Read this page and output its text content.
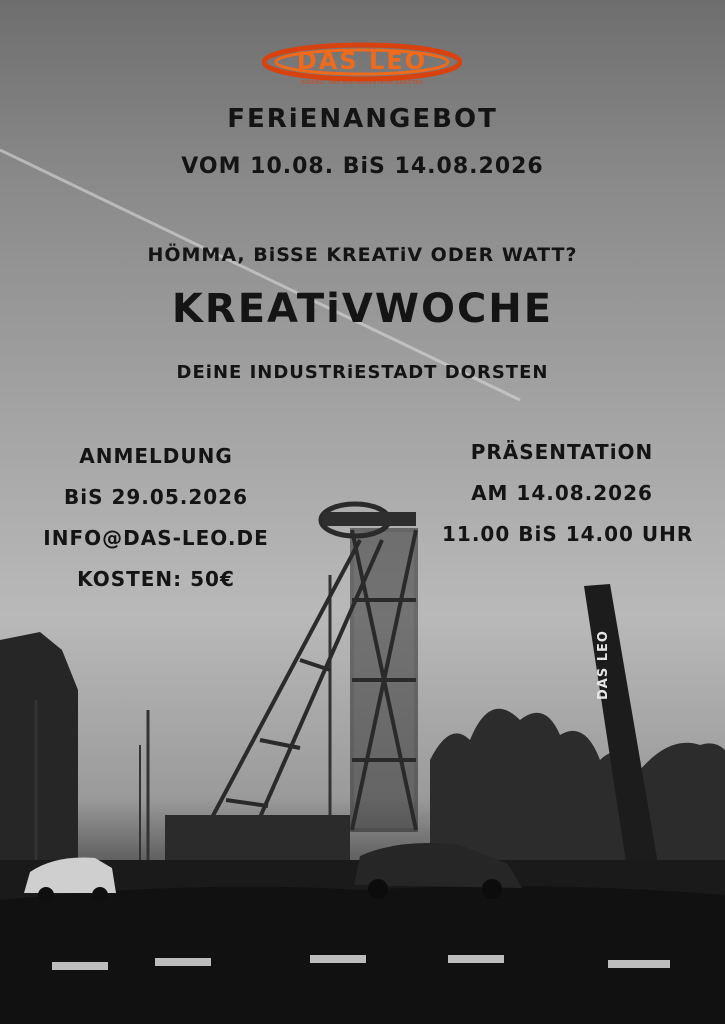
DAS LEO
JUGEND- UND KULTURZENTRUM DORSTEN
FERiENANGEBOT
VOM 10.08. BiS 14.08.2026
HÖMMA, BiSSE KREATiV ODER WATT?
KREATiVWOCHE
DEiNE INDUSTRiESTADT DORSTEN
ANMELDUNG
BiS 29.05.2026
INFO@DAS-LEO.DE
KOSTEN: 50€
PRÄSENTATiON
AM 14.08.2026
11.00 BiS 14.00 UHR
DAS LEO
